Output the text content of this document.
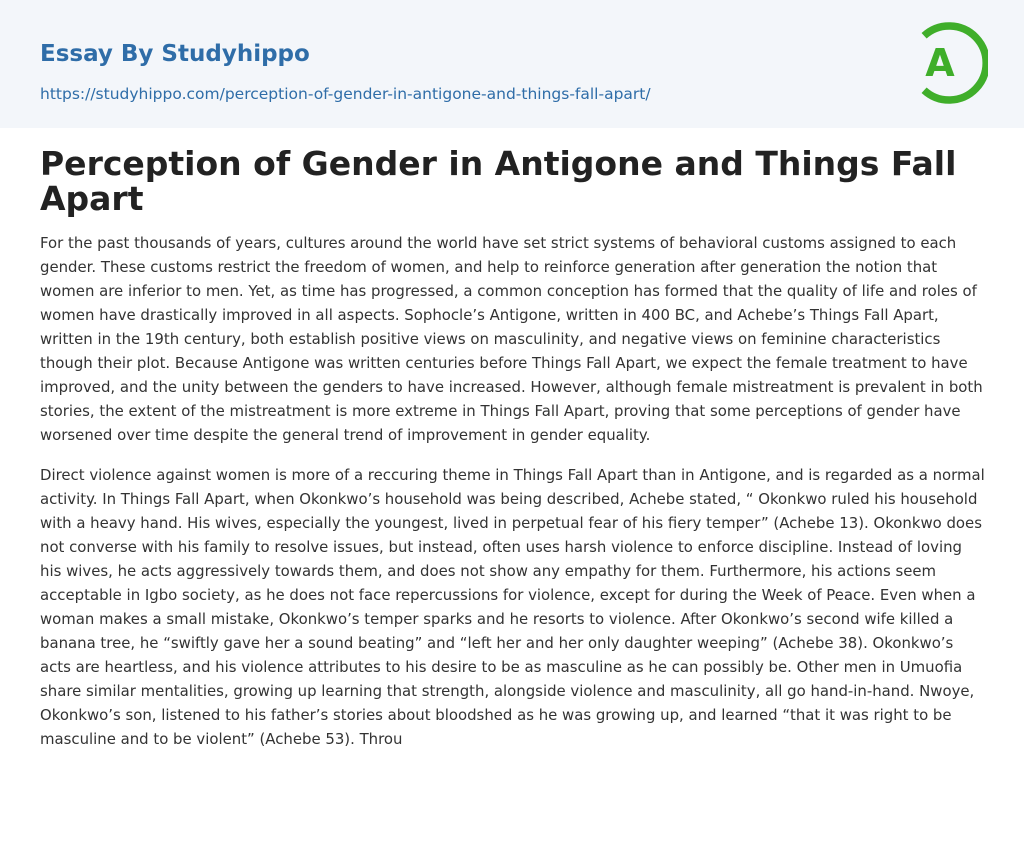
Essay By Studyhippo
https://studyhippo.com/perception-of-gender-in-antigone-and-things-fall-apart/
A
Perception of Gender in Antigone and Things Fall Apart

For the past thousands of years, cultures around the world have set strict systems of behavioral customs assigned to each gender. These customs restrict the freedom of women, and help to reinforce generation after generation the notion that women are inferior to men. Yet, as time has progressed, a common conception has formed that the quality of life and roles of women have drastically improved in all aspects. Sophocle’s Antigone, written in 400 BC, and Achebe’s Things Fall Apart, written in the 19th century, both establish positive views on masculinity, and negative views on feminine characteristics though their plot. Because Antigone was written centuries before Things Fall Apart, we expect the female treatment to have improved, and the unity between the genders to have increased. However, although female mistreatment is prevalent in both stories, the extent of the mistreatment is more extreme in Things Fall Apart, proving that some perceptions of gender have worsened over time despite the general trend of improvement in gender equality.

Direct violence against women is more of a reccuring theme in Things Fall Apart than in Antigone, and is regarded as a normal activity. In Things Fall Apart, when Okonkwo’s household was being described, Achebe stated, “ Okonkwo ruled his household with a heavy hand. His wives, especially the youngest, lived in perpetual fear of his fiery temper” (Achebe 13). Okonkwo does not converse with his family to resolve issues, but instead, often uses harsh violence to enforce discipline. Instead of loving his wives, he acts aggressively towards them, and does not show any empathy for them. Furthermore, his actions seem acceptable in Igbo society, as he does not face repercussions for violence, except for during the Week of Peace. Even when a woman makes a small mistake, Okonkwo’s temper sparks and he resorts to violence. After Okonkwo’s second wife killed a banana tree, he “swiftly gave her a sound beating” and “left her and her only daughter weeping” (Achebe 38). Okonkwo’s acts are heartless, and his violence attributes to his desire to be as masculine as he can possibly be. Other men in Umuofia share similar mentalities, growing up learning that strength, alongside violence and masculinity, all go hand-in-hand. Nwoye, Okonkwo’s son, listened to his father’s stories about bloodshed as he was growing up, and learned “that it was right to be masculine and to be violent” (Achebe 53). Throu
